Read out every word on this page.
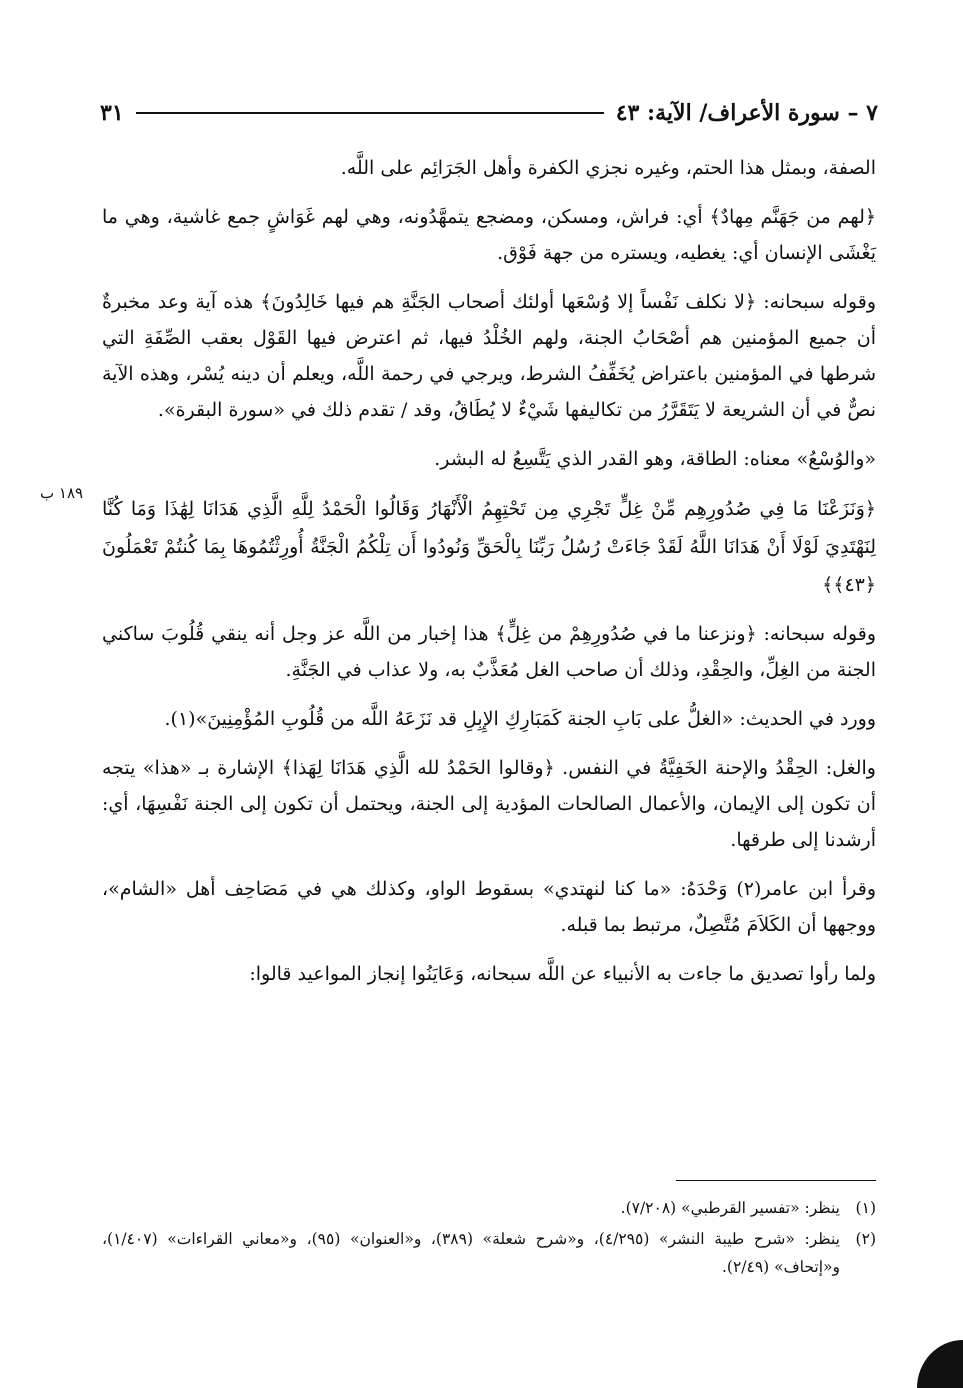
٧ – سورة الأعراف/ الآية: ٤٣
٣١

الصفة، وبمثل هذا الحتم، وغيره نجزي الكفرة وأهل الجَرَائِم على اللَّه.

﴿لهم من جَهَنَّم مِهادٌ﴾ أي: فراش، ومسكن، ومضجع يتمهَّدُونه، وهي لهم غَوَاشٍ جمع غاشية، وهي ما يَغْشَى الإنسان أي: يغطيه، ويستره من جهة فَوْق.

وقوله سبحانه: ﴿لا نكلف نَفْساً إلا وُسْعَها أولئك أصحاب الجَنَّةِ هم فيها خَالِدُونَ﴾ هذه آية وعد مخبرةٌ أن جميع المؤمنين هم أصْحَابُ الجنة، ولهم الخُلْدُ فيها، ثم اعترض فيها القَوْل بعقب الصِّفَةِ التي شرطها في المؤمنين باعتراض يُخَفِّفُ الشرط، ويرجي في رحمة اللَّه، ويعلم أن دينه يُسْر، وهذه الآية نصٌّ في أن الشريعة لا يَتَقَرَّرُ من تكاليفها شَيْءٌ لا يُطَاقُ، وقد / تقدم ذلك في «سورة البقرة».

«والوُسْعُ» معناه: الطاقة، وهو القدر الذي يَتَّسِعُ له البشر.

﴿وَنَزَعْنَا مَا فِي صُدُورِهِم مِّنْ غِلٍّ تَجْرِي مِن تَحْتِهِمُ الْأَنْهَارُ وَقَالُوا الْحَمْدُ لِلَّهِ الَّذِي هَدَانَا لِهَٰذَا وَمَا كُنَّا لِنَهْتَدِيَ لَوْلَا أَنْ هَدَانَا اللَّهُ لَقَدْ جَاءَتْ رُسُلُ رَبِّنَا بِالْحَقِّ وَنُودُوا أَن تِلْكُمُ الْجَنَّةُ أُورِثْتُمُوهَا بِمَا كُنتُمْ تَعْمَلُونَ ﴿٤٣﴾﴾

وقوله سبحانه: ﴿ونزعنا ما في صُدُورِهِمْ من غِلٍّ﴾ هذا إخبار من اللَّه عز وجل أنه ينقي قُلُوبَ ساكني الجنة من الغِلِّ، والحِقْدِ، وذلك أن صاحب الغل مُعَذَّبٌ به، ولا عذاب في الجَنَّةِ.

وورد في الحديث: «الغلُّ على بَابِ الجنة كَمَبَارِكِ الإِبِلِ قد نَزَعَهُ اللَّه من قُلُوبِ المُؤْمِنِينَ»(١).

والغل: الحِقْدُ والإحنة الخَفِيَّةُ في النفس. ﴿وقالوا الحَمْدُ لله الَّذِي هَدَانَا لِهَذا﴾ الإشارة بـ «هذا» يتجه أن تكون إلى الإيمان، والأعمال الصالحات المؤدية إلى الجنة، ويحتمل أن تكون إلى الجنة نَفْسِهَا، أي: أرشدنا إلى طرقها.

وقرأ ابن عامر(٢) وَحْدَهُ: «ما كنا لنهتدي» بسقوط الواو، وكذلك هي في مَصَاحِف أهل «الشام»، ووجهها أن الكَلاَمَ مُتَّصِلٌ، مرتبط بما قبله.

ولما رأوا تصديق ما جاءت به الأنبياء عن اللَّه سبحانه، وَعَايَنُوا إنجاز المواعيد قالوا:

١٨٩ ب
(١)
ينظر: «تفسير القرطبي» (٧/٢٠٨).
(٢)
ينظر: «شرح طيبة النشر» (٤/٢٩٥)، و«شرح شعلة» (٣٨٩)، و«العنوان» (٩٥)، و«معاني القراءات» (١/٤٠٧)، و«إتحاف» (٢/٤٩).
